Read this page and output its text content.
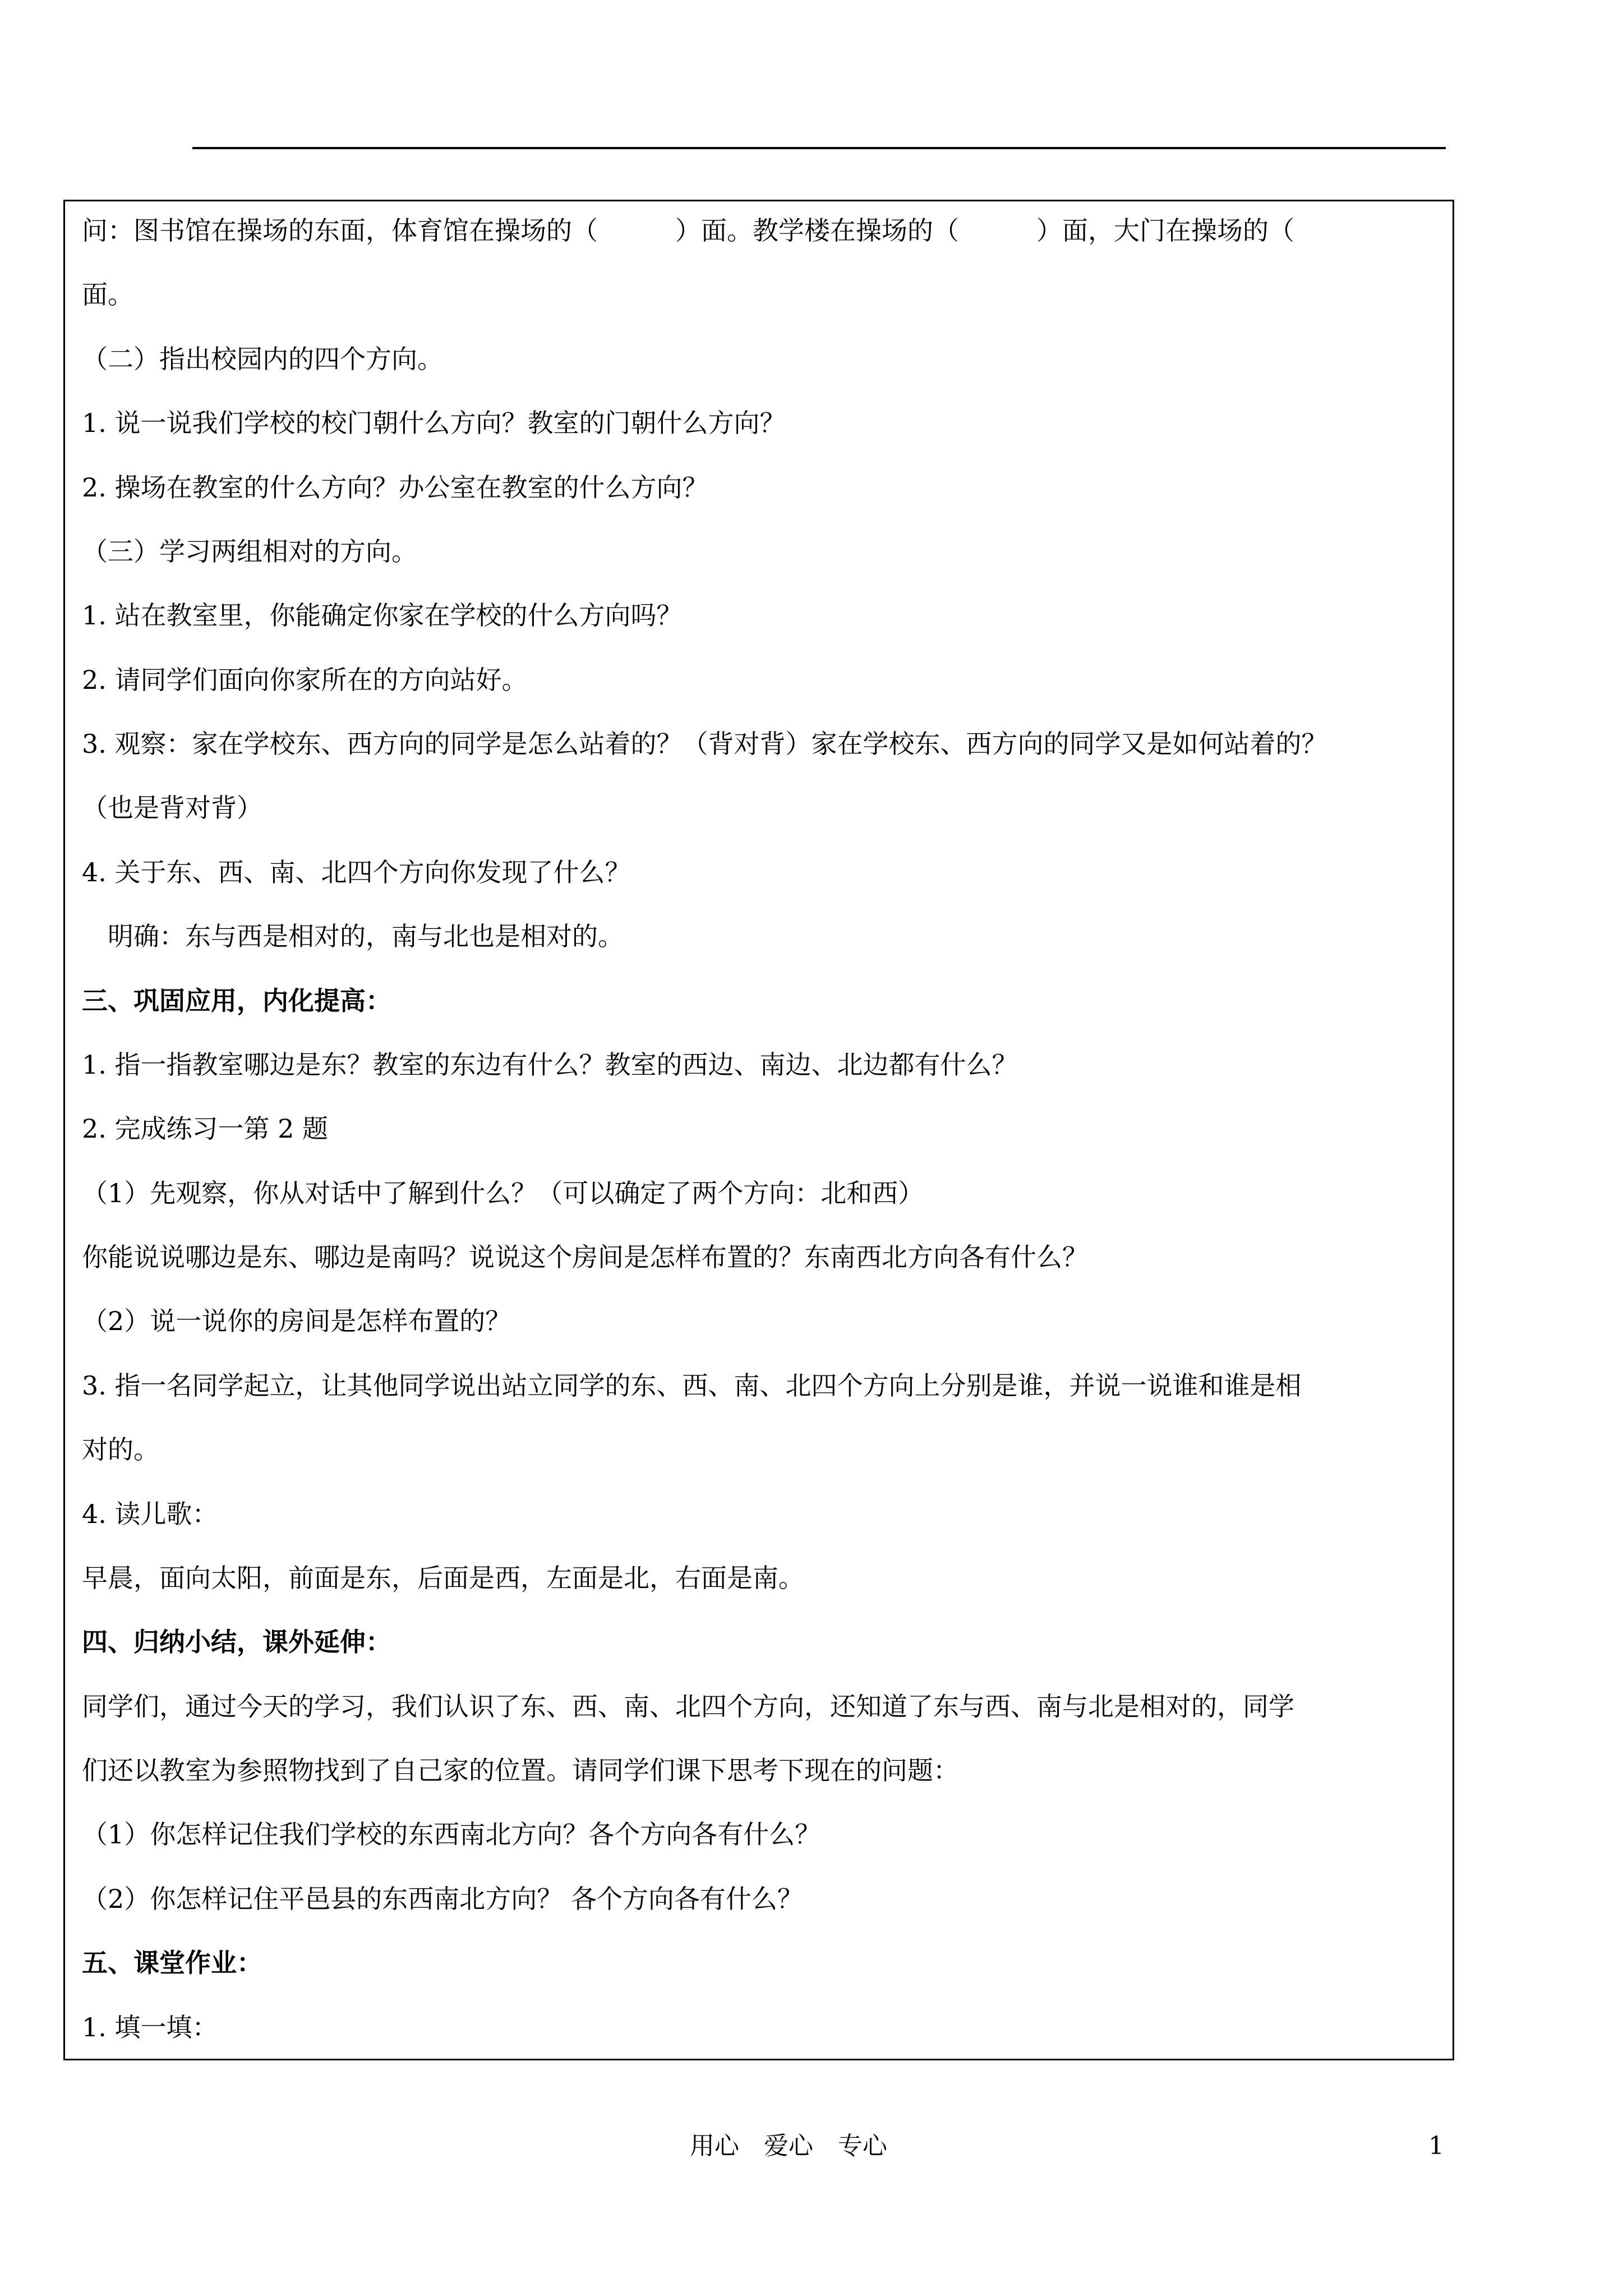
问：图书馆在操场的东面，体育馆在操场的（　　　）面。教学楼在操场的（　　　）面，大门在操场的（
面。
（二）指出校园内的四个方向。
1. 说一说我们学校的校门朝什么方向？教室的门朝什么方向？
2. 操场在教室的什么方向？办公室在教室的什么方向？
（三）学习两组相对的方向。
1. 站在教室里，你能确定你家在学校的什么方向吗？
2. 请同学们面向你家所在的方向站好。
3. 观察：家在学校东、西方向的同学是怎么站着的？（背对背）家在学校东、西方向的同学又是如何站着的？
（也是背对背）
4. 关于东、西、南、北四个方向你发现了什么？
　明确：东与西是相对的，南与北也是相对的。
三、巩固应用，内化提高：
1. 指一指教室哪边是东？教室的东边有什么？教室的西边、南边、北边都有什么？
2. 完成练习一第 2 题
（1）先观察，你从对话中了解到什么？（可以确定了两个方向：北和西）
你能说说哪边是东、哪边是南吗？说说这个房间是怎样布置的？东南西北方向各有什么？
（2）说一说你的房间是怎样布置的？
3. 指一名同学起立，让其他同学说出站立同学的东、西、南、北四个方向上分别是谁，并说一说谁和谁是相
对的。
4. 读儿歌：
早晨，面向太阳，前面是东，后面是西，左面是北，右面是南。
四、归纳小结，课外延伸：
同学们，通过今天的学习，我们认识了东、西、南、北四个方向，还知道了东与西、南与北是相对的，同学
们还以教室为参照物找到了自己家的位置。请同学们课下思考下现在的问题：
（1）你怎样记住我们学校的东西南北方向？各个方向各有什么？
（2）你怎样记住平邑县的东西南北方向？ 各个方向各有什么？
五、课堂作业：
1. 填一填：
用心　爱心　专心	1
